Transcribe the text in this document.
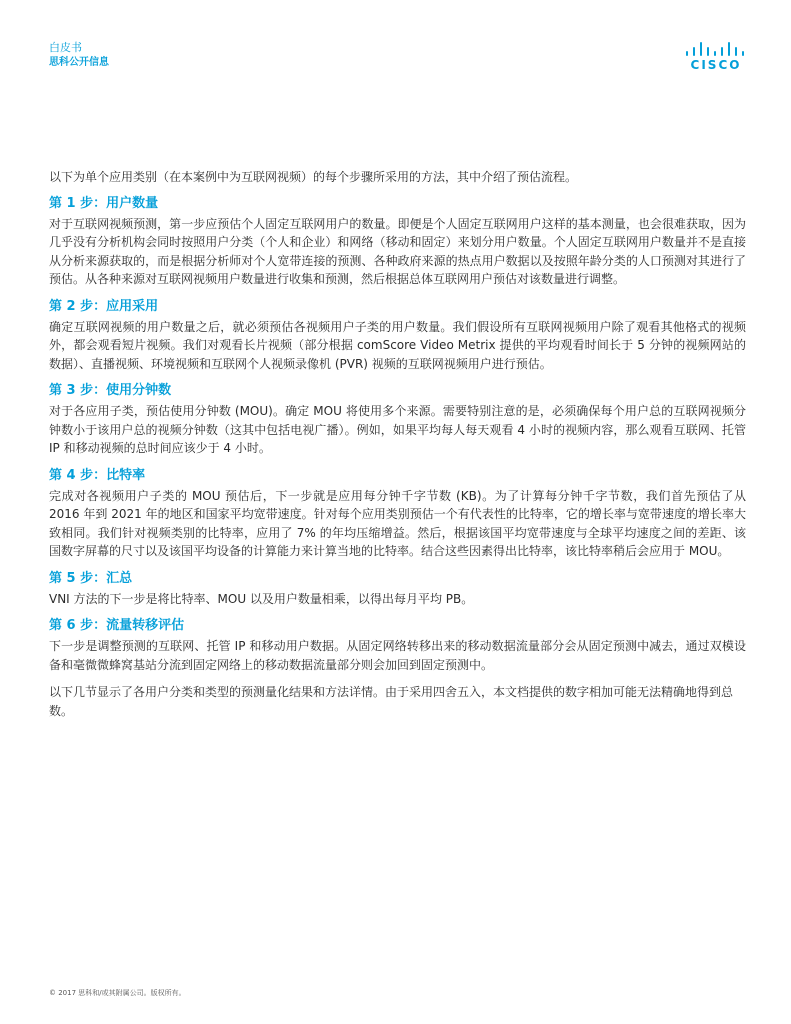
白皮书
思科公开信息	CISCO

以下为单个应用类别（在本案例中为互联网视频）的每个步骤所采用的方法，其中介绍了预估流程。

第 1 步：用户数量

对于互联网视频预测，第一步应预估个人固定互联网用户的数量。即便是个人固定互联网用户这样的基本测量，也会很难获取，因为几乎没有分析机构会同时按照用户分类（个人和企业）和网络（移动和固定）来划分用户数量。个人固定互联网用户数量并不是直接从分析来源获取的，而是根据分析师对个人宽带连接的预测、各种政府来源的热点用户数据以及按照年龄分类的人口预测对其进行了预估。从各种来源对互联网视频用户数量进行收集和预测，然后根据总体互联网用户预估对该数量进行调整。

第 2 步：应用采用

确定互联网视频的用户数量之后，就必须预估各视频用户子类的用户数量。我们假设所有互联网视频用户除了观看其他格式的视频外，都会观看短片视频。我们对观看长片视频（部分根据 comScore Video Metrix 提供的平均观看时间长于 5 分钟的视频网站的数据）、直播视频、环境视频和互联网个人视频录像机 (PVR) 视频的互联网视频用户进行预估。

第 3 步：使用分钟数

对于各应用子类，预估使用分钟数 (MOU)。确定 MOU 将使用多个来源。需要特别注意的是，必须确保每个用户总的互联网视频分钟数小于该用户总的视频分钟数（这其中包括电视广播）。例如，如果平均每人每天观看 4 小时的视频内容，那么观看互联网、托管 IP 和移动视频的总时间应该少于 4 小时。

第 4 步：比特率

完成对各视频用户子类的 MOU 预估后，下一步就是应用每分钟千字节数 (KB)。为了计算每分钟千字节数，我们首先预估了从 2016 年到 2021 年的地区和国家平均宽带速度。针对每个应用类别预估一个有代表性的比特率，它的增长率与宽带速度的增长率大致相同。我们针对视频类别的比特率，应用了 7% 的年均压缩增益。然后，根据该国平均宽带速度与全球平均速度之间的差距、该国数字屏幕的尺寸以及该国平均设备的计算能力来计算当地的比特率。结合这些因素得出比特率，该比特率稍后会应用于 MOU。

第 5 步：汇总

VNI 方法的下一步是将比特率、MOU 以及用户数量相乘，以得出每月平均 PB。

第 6 步：流量转移评估

下一步是调整预测的互联网、托管 IP 和移动用户数据。从固定网络转移出来的移动数据流量部分会从固定预测中减去，通过双模设备和毫微微蜂窝基站分流到固定网络上的移动数据流量部分则会加回到固定预测中。

以下几节显示了各用户分类和类型的预测量化结果和方法详情。由于采用四舍五入，本文档提供的数字相加可能无法精确地得到总数。

© 2017 思科和/或其附属公司。版权所有。
